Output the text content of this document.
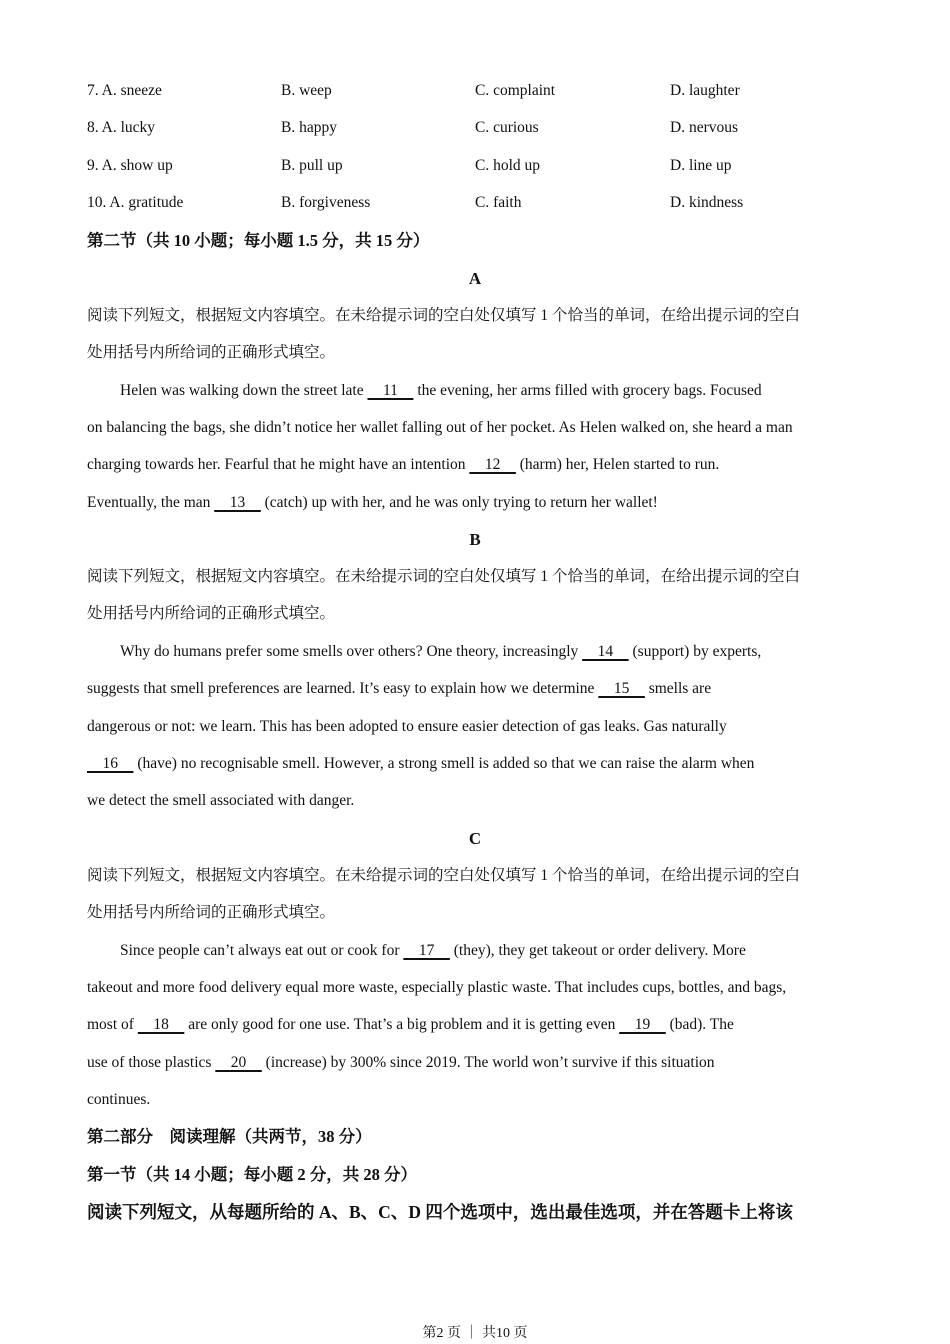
7. A. sneeze	B. weep	C. complaint	D. laughter
8. A. lucky	B. happy	C. curious	D. nervous
9. A. show up	B. pull up	C. hold up	D. line up
10. A. gratitude	B. forgiveness	C. faith	D. kindness
第二节（共 10 小题；每小题 1.5 分，共 15 分）
A
阅读下列短文，根据短文内容填空。在未给提示词的空白处仅填写 1 个恰当的单词，在给出提示词的空白
处用括号内所给词的正确形式填空。
Helen was walking down the street late     11     the evening, her arms filled with grocery bags. Focused
on balancing the bags, she didn’t notice her wallet falling out of her pocket. As Helen walked on, she heard a man
charging towards her. Fearful that he might have an intention     12     (harm) her, Helen started to run.
Eventually, the man     13     (catch) up with her, and he was only trying to return her wallet!
B
阅读下列短文，根据短文内容填空。在未给提示词的空白处仅填写 1 个恰当的单词，在给出提示词的空白
处用括号内所给词的正确形式填空。
Why do humans prefer some smells over others? One theory, increasingly     14     (support) by experts,
suggests that smell preferences are learned. It’s easy to explain how we determine     15     smells are
dangerous or not: we learn. This has been adopted to ensure easier detection of gas leaks. Gas naturally
16     (have) no recognisable smell. However, a strong smell is added so that we can raise the alarm when
we detect the smell associated with danger.
C
阅读下列短文，根据短文内容填空。在未给提示词的空白处仅填写 1 个恰当的单词，在给出提示词的空白
处用括号内所给词的正确形式填空。
Since people can’t always eat out or cook for     17     (they), they get takeout or order delivery. More
takeout and more food delivery equal more waste, especially plastic waste. That includes cups, bottles, and bags,
most of     18     are only good for one use. That’s a big problem and it is getting even     19     (bad). The
use of those plastics     20     (increase) by 300% since 2019. The world won’t survive if this situation
continues.
第二部分　阅读理解（共两节，38 分）
第一节（共 14 小题；每小题 2 分，共 28 分）
阅读下列短文，从每题所给的 A、B、C、D 四个选项中，选出最佳选项，并在答题卡上将该
第2 页 ｜ 共10 页
